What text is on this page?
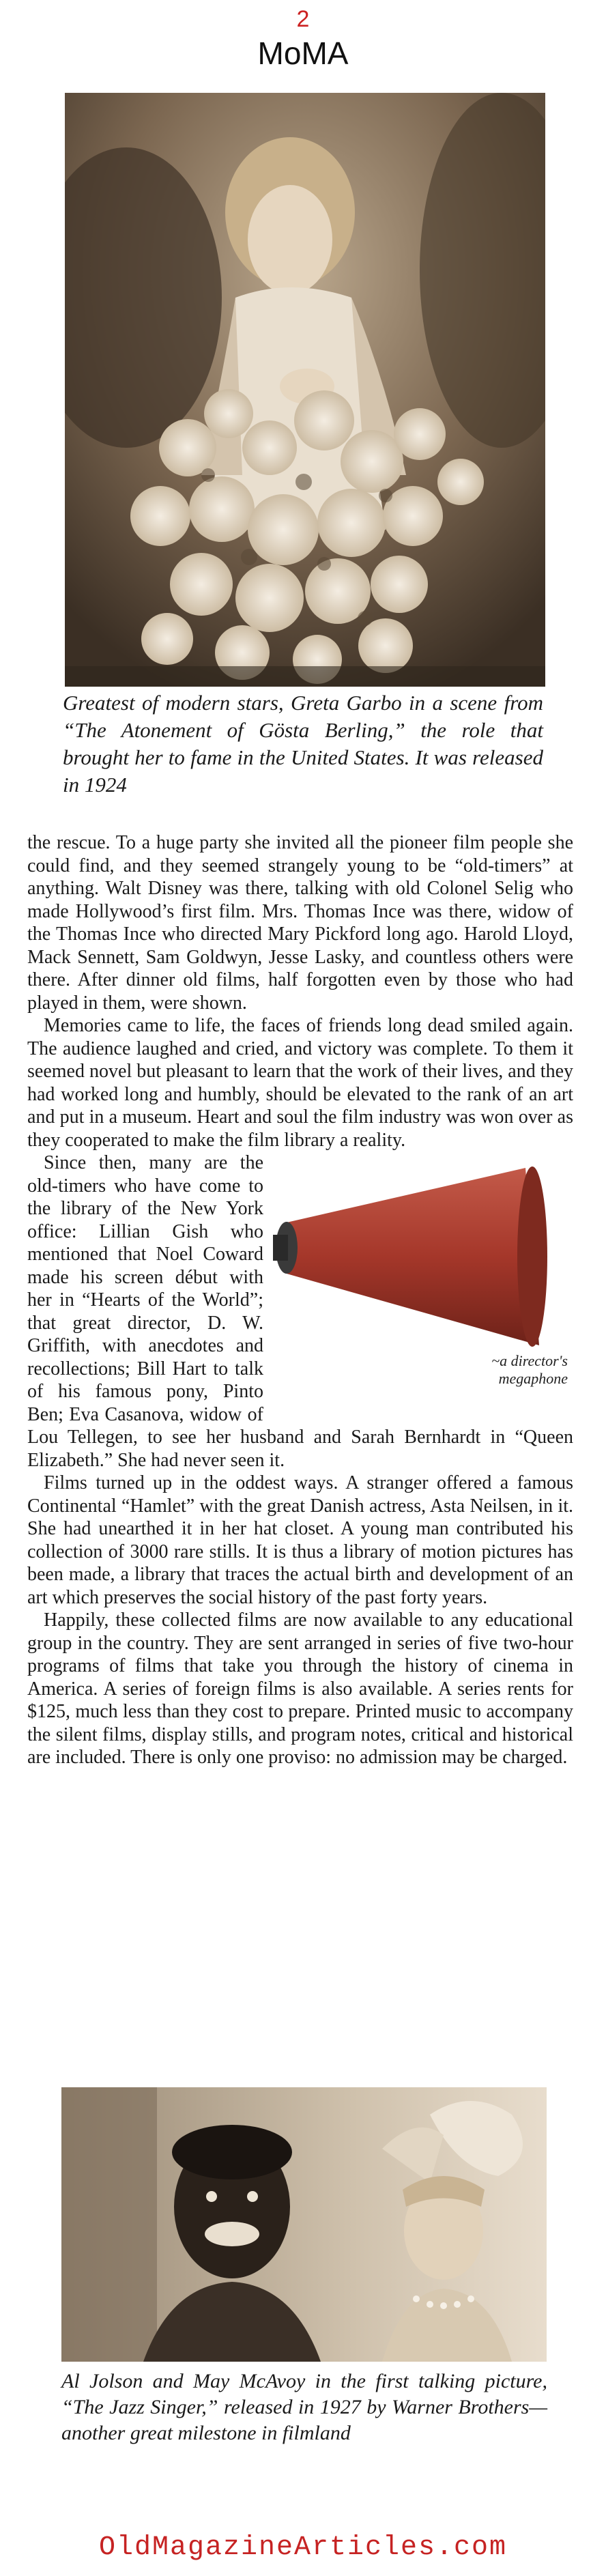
2
MoMA
Greatest of modern stars, Greta Garbo in a scene from “The Atonement of Gösta Berling,” the role that brought her to fame in the United States. It was released in 1924

the rescue. To a huge party she invited all the pioneer film people she could find, and they seemed strangely young to be “old-timers” at anything. Walt Disney was there, talking with old Colonel Selig who made Hollywood’s first film. Mrs. Thomas Ince was there, widow of the Thomas Ince who directed Mary Pickford long ago. Harold Lloyd, Mack Sennett, Sam Goldwyn, Jesse Lasky, and countless others were there. After dinner old films, half forgotten even by those who had played in them, were shown.

Memories came to life, the faces of friends long dead smiled again. The audience laughed and cried, and victory was complete. To them it seemed novel but pleasant to learn that the work of their lives, and they had worked long and humbly, should be elevated to the rank of an art and put in a museum. Heart and soul the film industry was won over as they cooperated to make the film library a reality.

~a director's megaphone

Since then, many are the old-timers who have come to the library of the New York office: Lillian Gish who mentioned that Noel Coward made his screen début with her in “Hearts of the World”; that great director, D. W. Griffith, with anecdotes and recollections; Bill Hart to talk of his famous pony, Pinto Ben; Eva Casanova, widow of Lou Tellegen, to see her husband and Sarah Bernhardt in “Queen Elizabeth.” She had never seen it.

Films turned up in the oddest ways. A stranger offered a famous Continental “Hamlet” with the great Danish actress, Asta Neilsen, in it. She had unearthed it in her hat closet. A young man contributed his collection of 3000 rare stills. It is thus a library of motion pictures has been made, a library that traces the actual birth and development of an art which preserves the social history of the past forty years.

Happily, these collected films are now available to any educational group in the country. They are sent arranged in series of five two-hour programs of films that take you through the history of cinema in America. A series of foreign films is also available. A series rents for $125, much less than they cost to prepare. Printed music to accompany the silent films, display stills, and program notes, critical and historical are included. There is only one proviso: no admission may be charged.

Al Jolson and May McAvoy in the first talking picture, “The Jazz Singer,” released in 1927 by Warner Brothers— another great milestone in filmland
OldMagazineArticles.com
